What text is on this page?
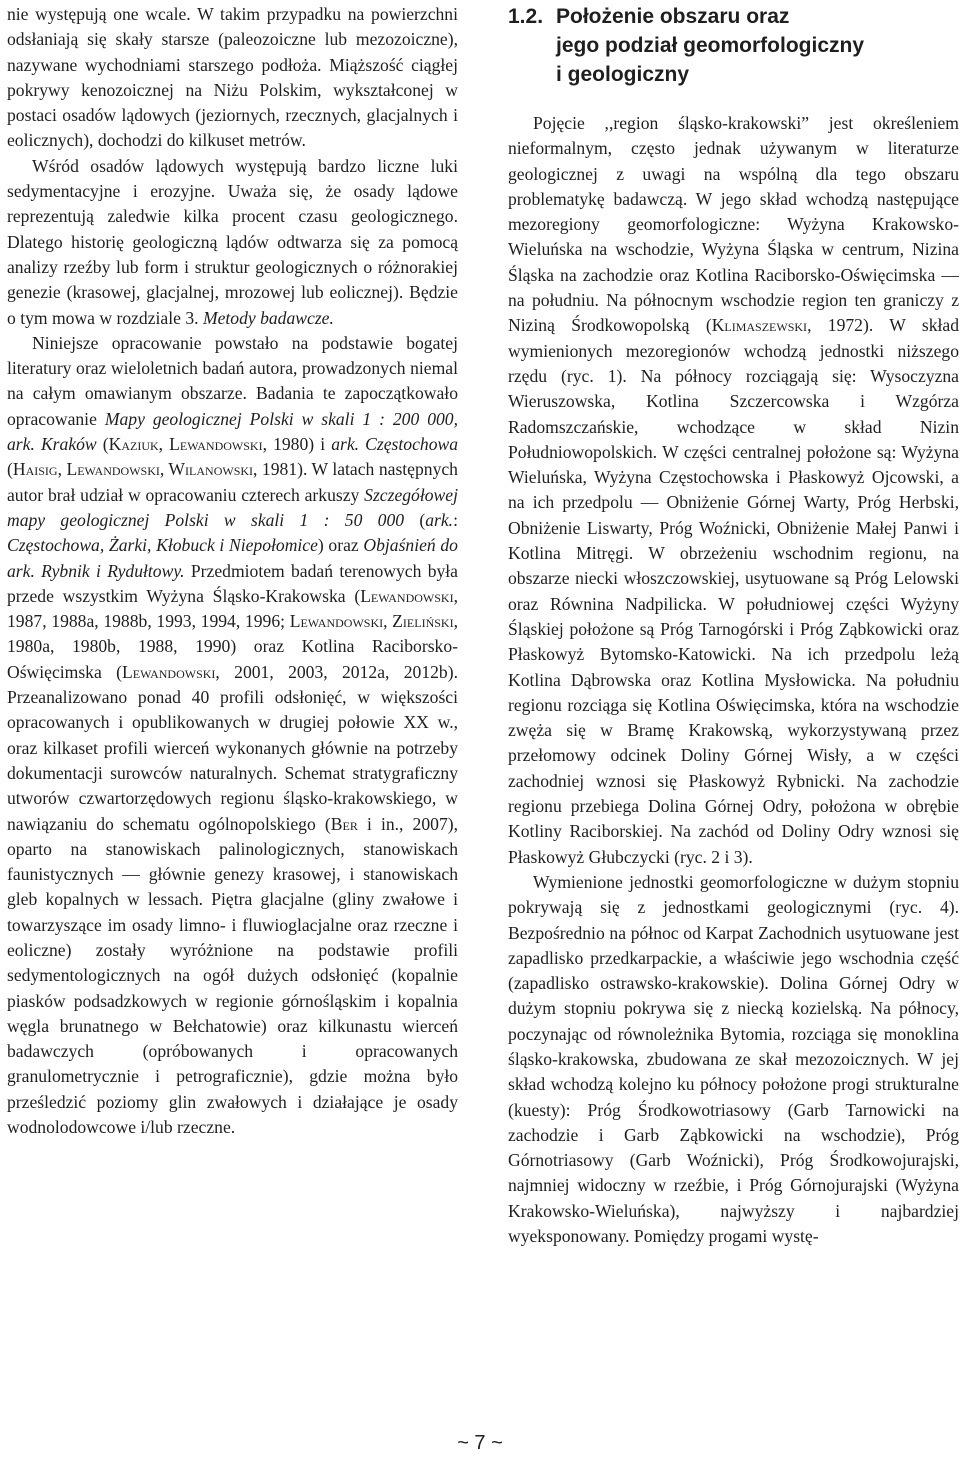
nie występują one wcale. W takim przypadku na powierzchni odsłaniają się skały starsze (paleozoiczne lub mezozoiczne), nazywane wychodniami starszego podłoża. Miąższość ciągłej pokrywy kenozoicznej na Niżu Polskim, wykształconej w postaci osadów lądowych (jeziornych, rzecznych, glacjalnych i eolicznych), dochodzi do kilkuset metrów.

Wśród osadów lądowych występują bardzo liczne luki sedymentacyjne i erozyjne. Uważa się, że osady lądowe reprezentują zaledwie kilka procent czasu geologicznego. Dlatego historię geologiczną lądów odtwarza się za pomocą analizy rzeźby lub form i struktur geologicznych o różnorakiej genezie (krasowej, glacjalnej, mrozowej lub eolicznej). Będzie o tym mowa w rozdziale 3. Metody badawcze.

Niniejsze opracowanie powstało na podstawie bogatej literatury oraz wieloletnich badań autora, prowadzonych niemal na całym omawianym obszarze. Badania te zapoczątkowało opracowanie Mapy geologicznej Polski w skali 1 : 200 000, ark. Kraków (Kaziuk, Lewandowski, 1980) i ark. Częstochowa (Haisig, Lewandowski, Wilanowski, 1981). W latach następnych autor brał udział w opracowaniu czterech arkuszy Szczegółowej mapy geologicznej Polski w skali 1 : 50 000 (ark.: Częstochowa, Żarki, Kłobuck i Niepołomice) oraz Objaśnień do ark. Rybnik i Rydułtowy. Przedmiotem badań terenowych była przede wszystkim Wyżyna Śląsko-Krakowska (Lewandowski, 1987, 1988a, 1988b, 1993, 1994, 1996; Lewandowski, Zieliński, 1980a, 1980b, 1988, 1990) oraz Kotlina Raciborsko-Oświęcimska (Lewandowski, 2001, 2003, 2012a, 2012b). Przeanalizowano ponad 40 profili odsłonięć, w większości opracowanych i opublikowanych w drugiej połowie XX w., oraz kilkaset profili wierceń wykonanych głównie na potrzeby dokumentacji surowców naturalnych. Schemat stratygraficzny utworów czwartorzędowych regionu śląsko-krakowskiego, w nawiązaniu do schematu ogólnopolskiego (Ber i in., 2007), oparto na stanowiskach palinologicznych, stanowiskach faunistycznych — głównie genezy krasowej, i stanowiskach gleb kopalnych w lessach. Piętra glacjalne (gliny zwałowe i towarzyszące im osady limno- i fluwioglacjalne oraz rzeczne i eoliczne) zostały wyróżnione na podstawie profili sedymentologicznych na ogół dużych odsłonięć (kopalnie piasków podsadzkowych w regionie górnośląskim i kopalnia węgla brunatnego w Bełchatowie) oraz kilkunastu wierceń badawczych (opróbowanych i opracowanych granulometrycznie i petrograficznie), gdzie można było prześledzić poziomy glin zwałowych i działające je osady wodnolodowcowe i/lub rzeczne.

1.2. Położenie obszaru oraz
jego podział geomorfologiczny
i geologiczny

Pojęcie ,,region śląsko-krakowski” jest określeniem nieformalnym, często jednak używanym w literaturze geologicznej z uwagi na wspólną dla tego obszaru problematykę badawczą. W jego skład wchodzą następujące mezoregiony geomorfologiczne: Wyżyna Krakowsko-Wieluńska na wschodzie, Wyżyna Śląska w centrum, Nizina Śląska na zachodzie oraz Kotlina Raciborsko-Oświęcimska — na południu. Na północnym wschodzie region ten graniczy z Niziną Środkowopolską (Klimaszewski, 1972). W skład wymienionych mezoregionów wchodzą jednostki niższego rzędu (ryc. 1). Na północy rozciągają się: Wysoczyzna Wieruszowska, Kotlina Szczercowska i Wzgórza Radomszczańskie, wchodzące w skład Nizin Południowopolskich. W części centralnej położone są: Wyżyna Wieluńska, Wyżyna Częstochowska i Płaskowyż Ojcowski, a na ich przedpolu — Obniżenie Górnej Warty, Próg Herbski, Obniżenie Liswarty, Próg Woźnicki, Obniżenie Małej Panwi i Kotlina Mitręgi. W obrzeżeniu wschodnim regionu, na obszarze niecki włoszczowskiej, usytuowane są Próg Lelowski oraz Równina Nadpilicka. W południowej części Wyżyny Śląskiej położone są Próg Tarnogórski i Próg Ząbkowicki oraz Płaskowyż Bytomsko-Katowicki. Na ich przedpolu leżą Kotlina Dąbrowska oraz Kotlina Mysłowicka. Na południu regionu rozciąga się Kotlina Oświęcimska, która na wschodzie zwęża się w Bramę Krakowską, wykorzystywaną przez przełomowy odcinek Doliny Górnej Wisły, a w części zachodniej wznosi się Płaskowyż Rybnicki. Na zachodzie regionu przebiega Dolina Górnej Odry, położona w obrębie Kotliny Raciborskiej. Na zachód od Doliny Odry wznosi się Płaskowyż Głubczycki (ryc. 2 i 3).

Wymienione jednostki geomorfologiczne w dużym stopniu pokrywają się z jednostkami geologicznymi (ryc. 4). Bezpośrednio na północ od Karpat Zachodnich usytuowane jest zapadlisko przedkarpackie, a właściwie jego wschodnia część (zapadlisko ostrawsko-krakowskie). Dolina Górnej Odry w dużym stopniu pokrywa się z niecką kozielską. Na północy, poczynając od równoleżnika Bytomia, rozciąga się monoklina śląsko-krakowska, zbudowana ze skał mezozoicznych. W jej skład wchodzą kolejno ku północy położone progi strukturalne (kuesty): Próg Środkowotriasowy (Garb Tarnowicki na zachodzie i Garb Ząbkowicki na wschodzie), Próg Górnotriasowy (Garb Woźnicki), Próg Środkowojurajski, najmniej widoczny w rzeźbie, i Próg Górnojurajski (Wyżyna Krakowsko-Wieluńska), najwyższy i najbardziej wyeksponowany. Pomiędzy progami wystę-

~ 7 ~
